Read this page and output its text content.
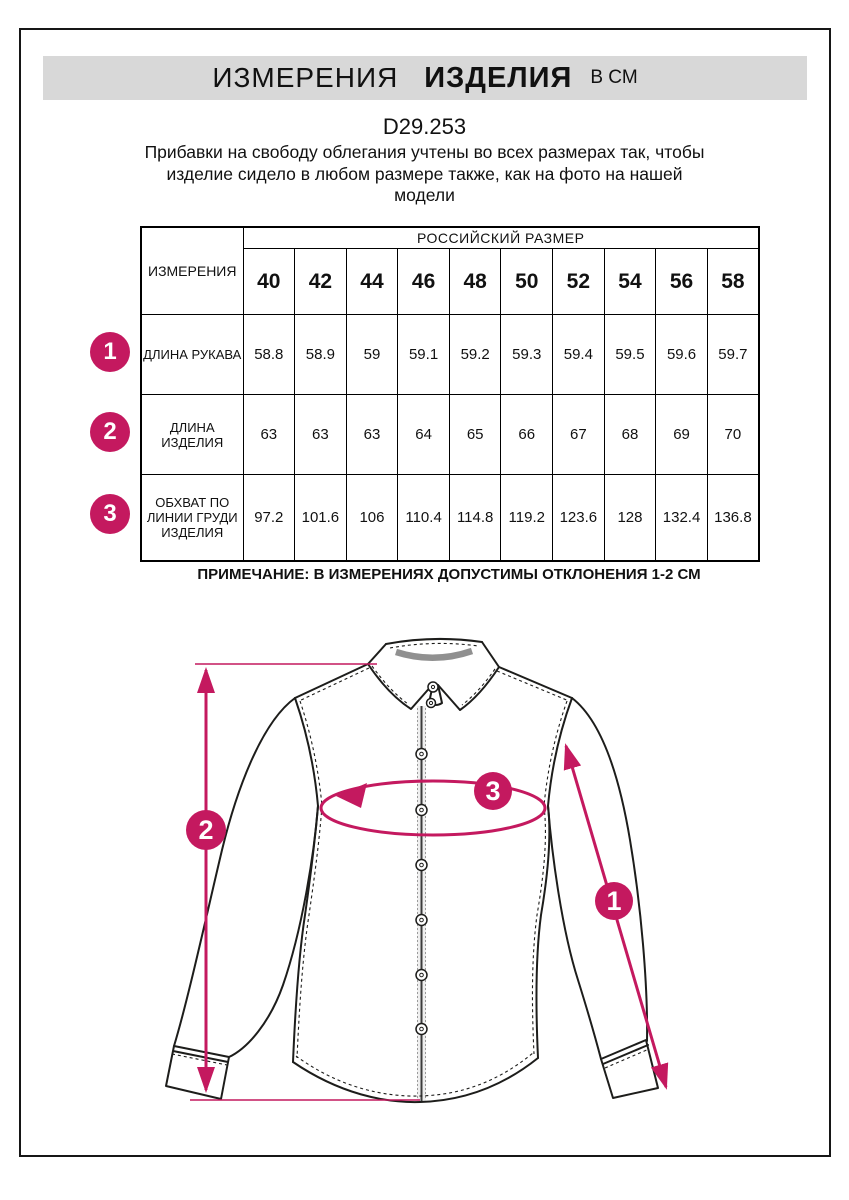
ИЗМЕРЕНИЯ ИЗДЕЛИЯ В СМ
D29.253
Прибавки на свободу облегания учтены во всех размерах так, чтобы
изделие сидело в любом размере также, как на фото на нашей
модели
ИЗМЕРЕНИЯ	РОССИЙСКИЙ РАЗМЕР									
	40	42	44	46	48	50	52	54	56	58
ДЛИНА РУКАВА	58.8	58.9	59	59.1	59.2	59.3	59.4	59.5	59.6	59.7
ДЛИНА ИЗДЕЛИЯ	63	63	63	64	65	66	67	68	69	70
ОБХВАТ ПО ЛИНИИ ГРУДИ ИЗДЕЛИЯ	97.2	101.6	106	110.4	114.8	119.2	123.6	128	132.4	136.8
1
2
3
ПРИМЕЧАНИЕ: В ИЗМЕРЕНИЯХ ДОПУСТИМЫ ОТКЛОНЕНИЯ 1-2 СМ
2
3
1
